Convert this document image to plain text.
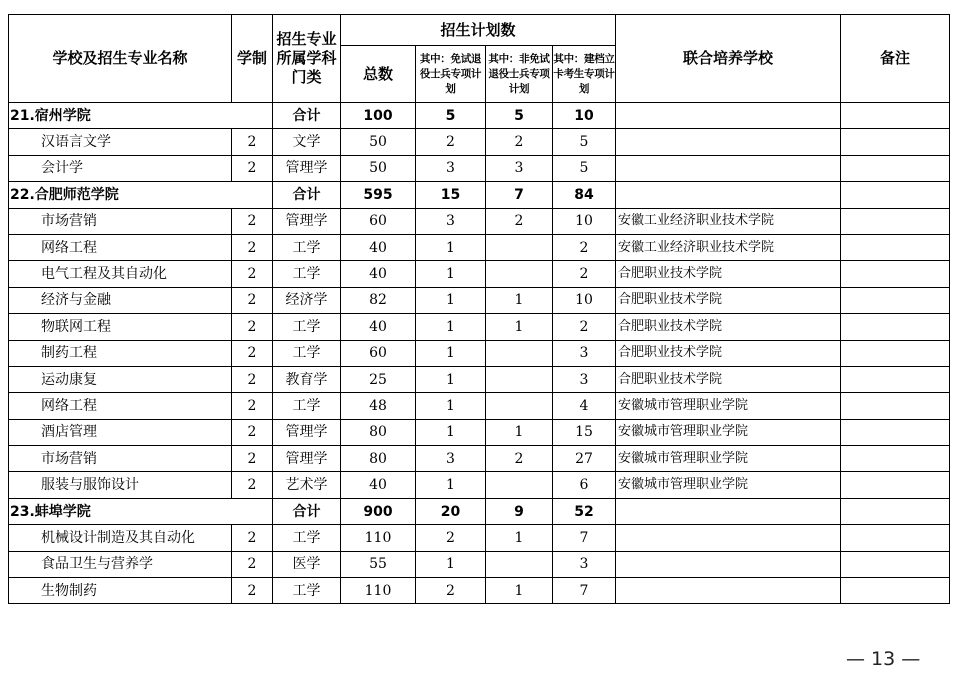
学校及招生专业名称	学制	招生专业所属学科门类	招生计划数				联合培养学校	备注
			总数	其中：免试退役士兵专项计划	其中：非免试退役士兵专项计划	其中：建档立卡考生专项计划		
21.宿州学院		合计	100	5	5	10		
汉语言文学	2	文学	50	2	2	5		
会计学	2	管理学	50	3	3	5		
22.合肥师范学院		合计	595	15	7	84		
市场营销	2	管理学	60	3	2	10	安徽工业经济职业技术学院	
网络工程	2	工学	40	1		2	安徽工业经济职业技术学院	
电气工程及其自动化	2	工学	40	1		2	合肥职业技术学院	
经济与金融	2	经济学	82	1	1	10	合肥职业技术学院	
物联网工程	2	工学	40	1	1	2	合肥职业技术学院	
制药工程	2	工学	60	1		3	合肥职业技术学院	
运动康复	2	教育学	25	1		3	合肥职业技术学院	
网络工程	2	工学	48	1		4	安徽城市管理职业学院	
酒店管理	2	管理学	80	1	1	15	安徽城市管理职业学院	
市场营销	2	管理学	80	3	2	27	安徽城市管理职业学院	
服装与服饰设计	2	艺术学	40	1		6	安徽城市管理职业学院	
23.蚌埠学院		合计	900	20	9	52		
机械设计制造及其自动化	2	工学	110	2	1	7		
食品卫生与营养学	2	医学	55	1		3		
生物制药	2	工学	110	2	1	7		
— 13 —
